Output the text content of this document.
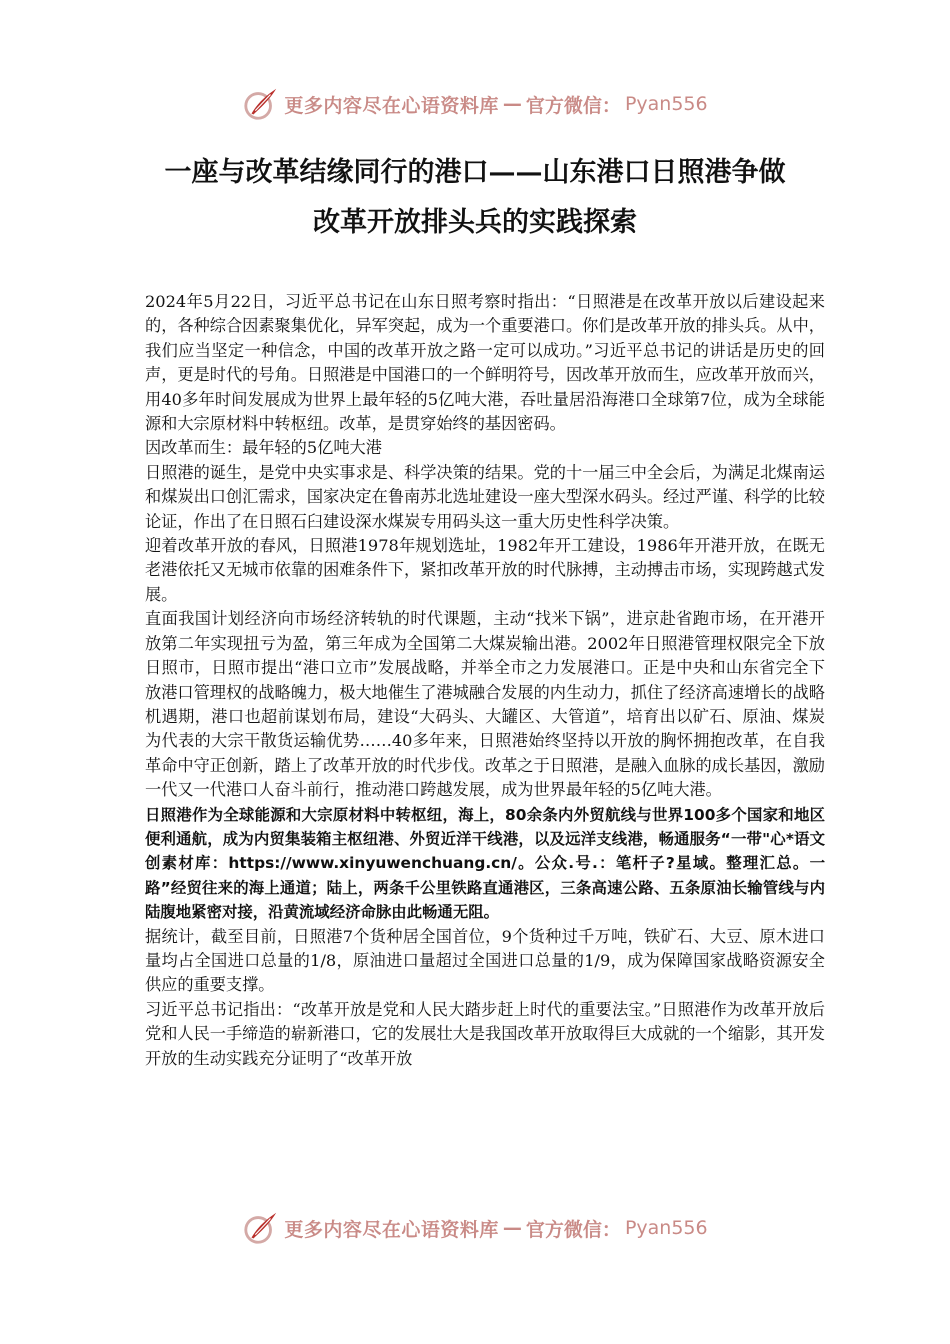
更多内容尽在心语资料库 — 官方微信： Pyan556
一座与改革结缘同行的港口——山东港口日照港争做
改革开放排头兵的实践探索

2024年5月22日，习近平总书记在山东日照考察时指出：“日照港是在改革开放以后建设起来的，各种综合因素聚集优化，异军突起，成为一个重要港口。你们是改革开放的排头兵。从中，我们应当坚定一种信念，中国的改革开放之路一定可以成功。”习近平总书记的讲话是历史的回声，更是时代的号角。日照港是中国港口的一个鲜明符号，因改革开放而生，应改革开放而兴，用40多年时间发展成为世界上最年轻的5亿吨大港，吞吐量居沿海港口全球第7位，成为全球能源和大宗原材料中转枢纽。改革，是贯穿始终的基因密码。

因改革而生：最年轻的5亿吨大港

日照港的诞生，是党中央实事求是、科学决策的结果。党的十一届三中全会后，为满足北煤南运和煤炭出口创汇需求，国家决定在鲁南苏北选址建设一座大型深水码头。经过严谨、科学的比较论证，作出了在日照石臼建设深水煤炭专用码头这一重大历史性科学决策。

迎着改革开放的春风，日照港1978年规划选址，1982年开工建设，1986年开港开放，在既无老港依托又无城市依靠的困难条件下，紧扣改革开放的时代脉搏，主动搏击市场，实现跨越式发展。

直面我国计划经济向市场经济转轨的时代课题，主动“找米下锅”，进京赴省跑市场，在开港开放第二年实现扭亏为盈，第三年成为全国第二大煤炭输出港。2002年日照港管理权限完全下放日照市，日照市提出“港口立市”发展战略，并举全市之力发展港口。正是中央和山东省完全下放港口管理权的战略魄力，极大地催生了港城融合发展的内生动力，抓住了经济高速增长的战略机遇期，港口也超前谋划布局，建设“大码头、大罐区、大管道”，培育出以矿石、原油、煤炭为代表的大宗干散货运输优势……40多年来，日照港始终坚持以开放的胸怀拥抱改革，在自我革命中守正创新，踏上了改革开放的时代步伐。改革之于日照港，是融入血脉的成长基因，激励一代又一代港口人奋斗前行，推动港口跨越发展，成为世界最年轻的5亿吨大港。

日照港作为全球能源和大宗原材料中转枢纽，海上，80余条内外贸航线与世界100多个国家和地区便利通航，成为内贸集装箱主枢纽港、外贸近洋干线港，以及远洋支线港，畅通服务“一带"心*语文创素材库：https://www.xinyuwenchuang.cn/。公众.号.：笔杆子?星域。整理汇总。一路”经贸往来的海上通道；陆上，两条千公里铁路直通港区，三条高速公路、五条原油长输管线与内陆腹地紧密对接，沿黄流域经济命脉由此畅通无阻。

据统计，截至目前，日照港7个货种居全国首位，9个货种过千万吨，铁矿石、大豆、原木进口量均占全国进口总量的1/8，原油进口量超过全国进口总量的1/9，成为保障国家战略资源安全供应的重要支撑。

习近平总书记指出：“改革开放是党和人民大踏步赶上时代的重要法宝。”日照港作为改革开放后党和人民一手缔造的崭新港口，它的发展壮大是我国改革开放取得巨大成就的一个缩影，其开发开放的生动实践充分证明了“改革开放

更多内容尽在心语资料库 — 官方微信： Pyan556
